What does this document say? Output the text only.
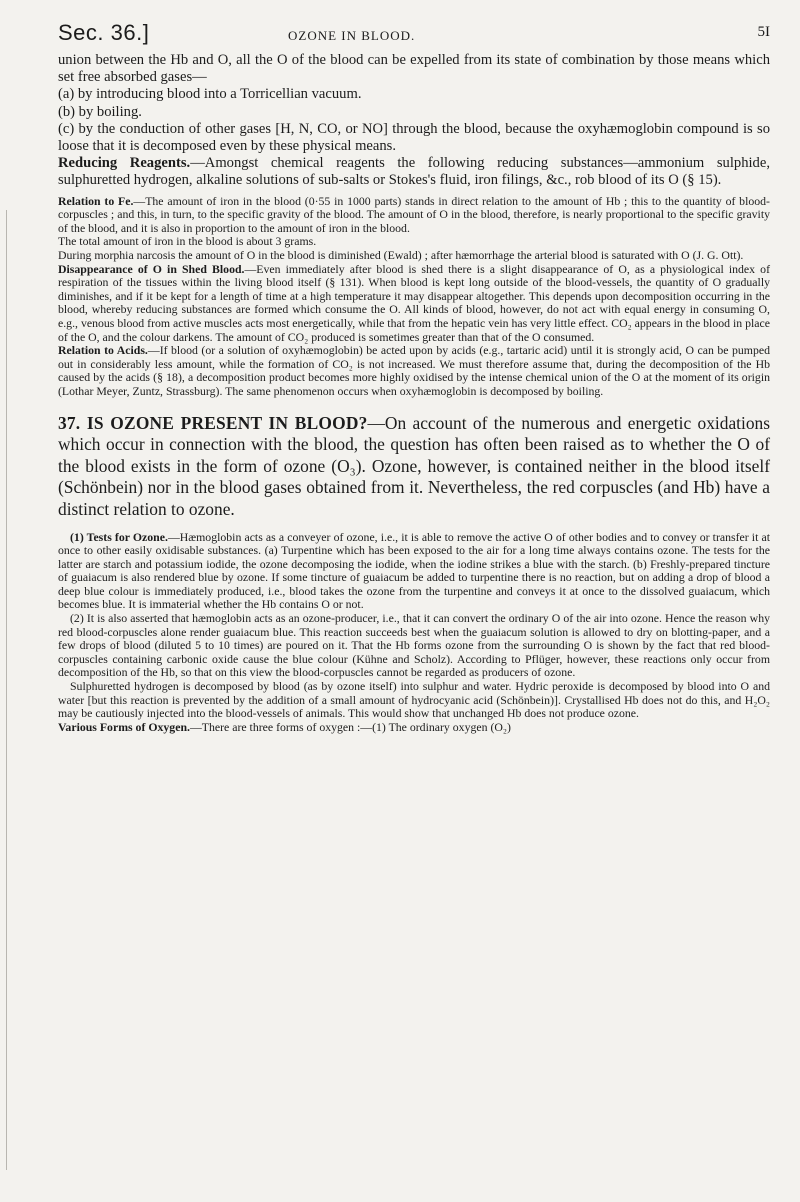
Sec. 36.]	OZONE IN BLOOD.	5I

union between the Hb and O, all the O of the blood can be expelled from its state of combination by those means which set free absorbed gases—

(a) by introducing blood into a Torricellian vacuum.

(b) by boiling.

(c) by the conduction of other gases [H, N, CO, or NO] through the blood, because the oxyhæmoglobin compound is so loose that it is decomposed even by these physical means.

Reducing Reagents.—Amongst chemical reagents the following reducing substances—ammonium sulphide, sulphuretted hydrogen, alkaline solutions of sub-salts or Stokes's fluid, iron filings, &c., rob blood of its O (§ 15).

Relation to Fe.—The amount of iron in the blood (0·55 in 1000 parts) stands in direct relation to the amount of Hb ; this to the quantity of blood-corpuscles ; and this, in turn, to the specific gravity of the blood. The amount of O in the blood, therefore, is nearly proportional to the specific gravity of the blood, and it is also in proportion to the amount of iron in the blood.

The total amount of iron in the blood is about 3 grams.

During morphia narcosis the amount of O in the blood is diminished (Ewald) ; after hæmorrhage the arterial blood is saturated with O (J. G. Ott).

Disappearance of O in Shed Blood.—Even immediately after blood is shed there is a slight disappearance of O, as a physiological index of respiration of the tissues within the living blood itself (§ 131). When blood is kept long outside of the blood-vessels, the quantity of O gradually diminishes, and if it be kept for a length of time at a high temperature it may disappear altogether. This depends upon decomposition occurring in the blood, whereby reducing substances are formed which consume the O. All kinds of blood, however, do not act with equal energy in consuming O, e.g., venous blood from active muscles acts most energetically, while that from the hepatic vein has very little effect. CO₂ appears in the blood in place of the O, and the colour darkens. The amount of CO₂ produced is sometimes greater than that of the O consumed.

Relation to Acids.—If blood (or a solution of oxyhæmoglobin) be acted upon by acids (e.g., tartaric acid) until it is strongly acid, O can be pumped out in considerably less amount, while the formation of CO₂ is not increased. We must therefore assume that, during the decomposition of the Hb caused by the acids (§ 18), a decomposition product becomes more highly oxidised by the intense chemical union of the O at the moment of its origin (Lothar Meyer, Zuntz, Strassburg). The same phenomenon occurs when oxyhæmoglobin is decomposed by boiling.

37. IS OZONE PRESENT IN BLOOD?—On account of the numerous and energetic oxidations which occur in connection with the blood, the question has often been raised as to whether the O of the blood exists in the form of ozone (O₃). Ozone, however, is contained neither in the blood itself (Schönbein) nor in the blood gases obtained from it. Nevertheless, the red corpuscles (and Hb) have a distinct relation to ozone.

(1) Tests for Ozone.—Hæmoglobin acts as a conveyer of ozone, i.e., it is able to remove the active O of other bodies and to convey or transfer it at once to other easily oxidisable substances. (a) Turpentine which has been exposed to the air for a long time always contains ozone. The tests for the latter are starch and potassium iodide, the ozone decomposing the iodide, when the iodine strikes a blue with the starch. (b) Freshly-prepared tincture of guaiacum is also rendered blue by ozone. If some tincture of guaiacum be added to turpentine there is no reaction, but on adding a drop of blood a deep blue colour is immediately produced, i.e., blood takes the ozone from the turpentine and conveys it at once to the dissolved guaiacum, which becomes blue. It is immaterial whether the Hb contains O or not.

(2) It is also asserted that hæmoglobin acts as an ozone-producer, i.e., that it can convert the ordinary O of the air into ozone. Hence the reason why red blood-corpuscles alone render guaiacum blue. This reaction succeeds best when the guaiacum solution is allowed to dry on blotting-paper, and a few drops of blood (diluted 5 to 10 times) are poured on it. That the Hb forms ozone from the surrounding O is shown by the fact that red blood-corpuscles containing carbonic oxide cause the blue colour (Kühne and Scholz). According to Pflüger, however, these reactions only occur from decomposition of the Hb, so that on this view the blood-corpuscles cannot be regarded as producers of ozone.

Sulphuretted hydrogen is decomposed by blood (as by ozone itself) into sulphur and water. Hydric peroxide is decomposed by blood into O and water [but this reaction is prevented by the addition of a small amount of hydrocyanic acid (Schönbein)]. Crystallised Hb does not do this, and H₂O₂ may be cautiously injected into the blood-vessels of animals. This would show that unchanged Hb does not produce ozone.

Various Forms of Oxygen.—There are three forms of oxygen :—(1) The ordinary oxygen (O₂)
